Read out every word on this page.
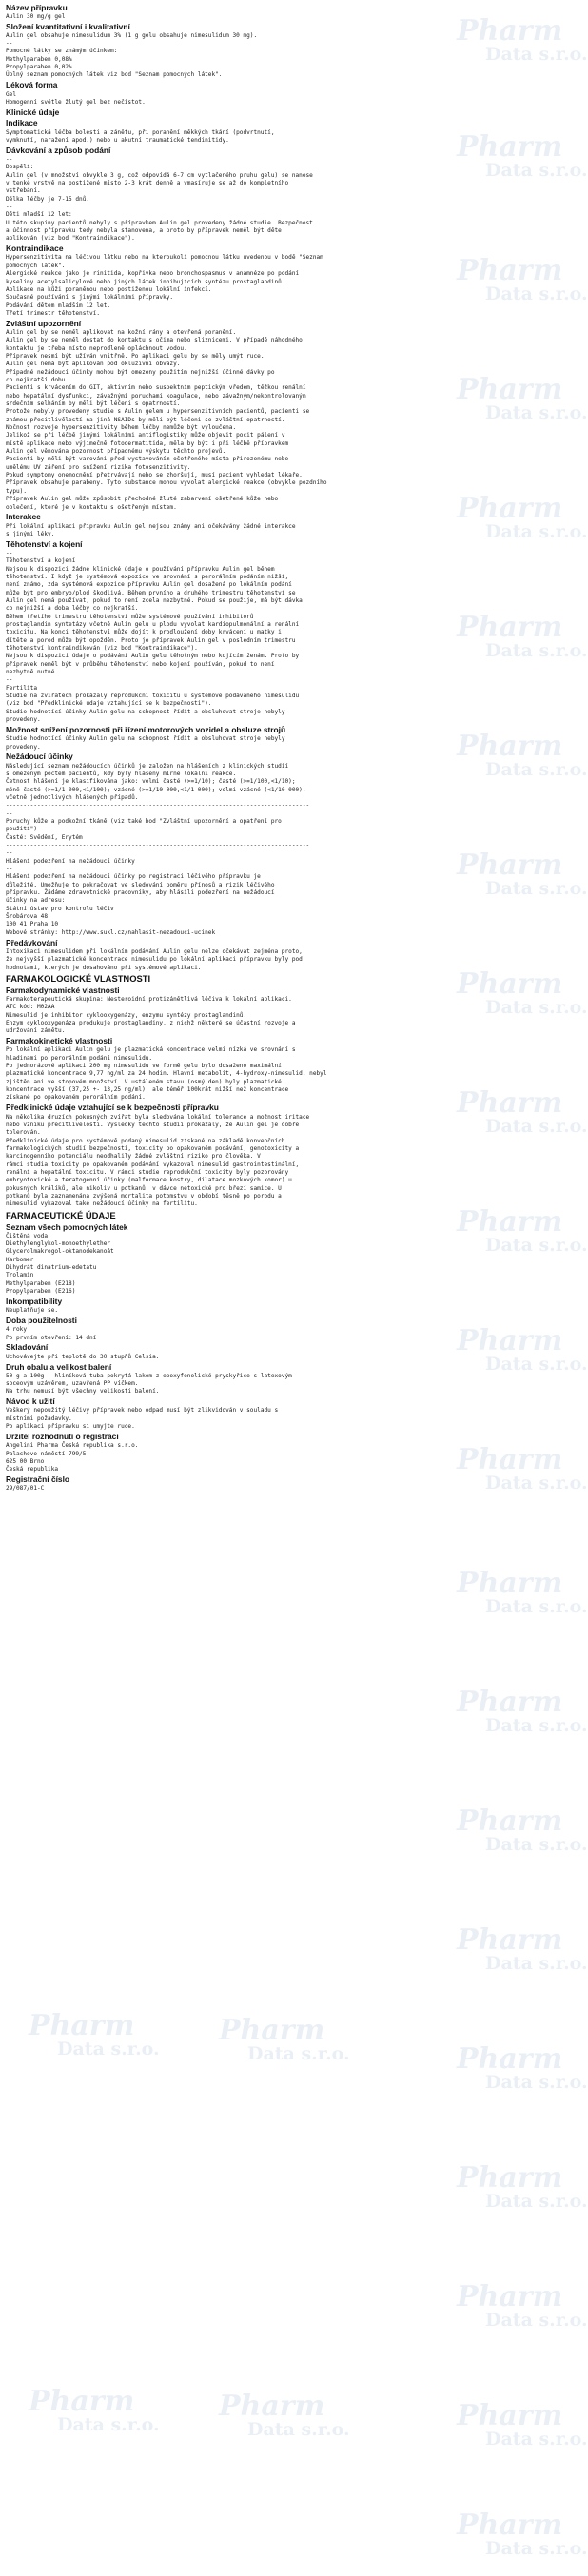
Název přípravku
Aulin 30 mg/g gel
Složení kvantitativní i kvalitativní
Aulin gel obsahuje nimesulidum 3% (1 g gelu obsahuje nimesulidum 30 mg).
--
Pomocné látky se známým účinkem:
Methylparaben 0,08%
Propylparaben 0,02%
Úplný seznam pomocných látek viz bod "Seznam pomocných látek".
Léková forma
Gel
Homogenní světle žlutý gel bez nečistot.
Klinické údaje
Indikace
Symptomatická léčba bolesti a zánětu, při poranění měkkých tkání (podvrtnutí,
vymknutí, naražení apod.) nebo u akutní traumatické tendinitidy.
Dávkování a způsob podání
--
Dospělí:
Aulin gel (v množství obvykle 3 g, což odpovídá 6-7 cm vytlačeného pruhu gelu) se nanese
v tenké vrstvě na postižené místo 2-3 krát denně a vmasíruje se až do kompletního
vstřebání.
Délka léčby je 7-15 dnů.
--
Děti mladší 12 let:
U této skupiny pacientů nebyly s přípravkem Aulin gel provedeny žádné studie. Bezpečnost
a účinnost přípravku tedy nebyla stanovena, a proto by přípravek neměl být děte
aplikován (viz bod "Kontraindikace").
Kontraindikace
Hypersenzitivita na léčivou látku nebo na kteroukoli pomocnou látku uvedenou v bodě "Seznam
pomocných látek".
Alergické reakce jako je rinitida, kopřivka nebo bronchospasmus v anamnéze po podání
kyseliny acetylsalicylové nebo jiných látek inhibujících syntézu prostaglandinů.
Aplikace na kůži poraněnou nebo postiženou lokální infekcí.
Současné používání s jinými lokálními přípravky.
Podávání dětem mladším 12 let.
Třetí trimestr těhotenství.
Zvláštní upozornění
Aulin gel by se neměl aplikovat na kožní rány a otevřená poranění.
Aulin gel by se neměl dostat do kontaktu s očima nebo sliznicemi. V případě náhodného
kontaktu je třeba místo neprodleně opláchnout vodou.
Přípravek nesmí být užíván vnitřně. Po aplikaci gelu by se měly umýt ruce.
Aulin gel nemá být aplikován pod okluzivní obvazy.
Případné nežádoucí účinky mohou být omezeny použitím nejnižší účinné dávky po
co nejkratší dobu.
Pacienti s krvácením do GIT, aktivním nebo suspektním peptickým vředem, těžkou renální
nebo hepatální dysfunkcí, závažnými poruchami koagulace, nebo závažným/nekontrolovaným
srdečním selháním by měli být léčeni s opatrností.
Protože nebyly provedeny studie s Aulin gelem u hypersenzitivních pacientů, pacienti se
známou přecitlivělostí na jiná NSAIDs by měli být léčeni se zvláštní opatrností.
Nočnost rozvoje hypersenzitivity během léčby nemůže být vyloučena.
Jelikož se při léčbě jinými lokálními antiflogistiky může objevit pocit pálení v
místě aplikace nebo výjimečně fotodermatitida, měla by být i při léčbě přípravkem
Aulin gel věnována pozornost případnému výskytu těchto projevů.
Pacienti by měli být varováni před vystavováním ošetřeného místa přirozenému nebo
umělému UV záření pro snížení rizika fotosenzitivity.
Pokud symptomy onemocnění přetrvávají nebo se zhoršují, musí pacient vyhledat lékaře.
Přípravek obsahuje parabeny. Tyto substance mohou vyvolat alergické reakce (obvykle pozdního
typu).
Přípravek Aulin gel může způsobit přechodné žluté zabarvení ošetřené kůže nebo
oblečení, které je v kontaktu s ošetřeným místem.
Interakce
Při lokální aplikaci přípravku Aulin gel nejsou známy ani očekávány žádné interakce
s jinými léky.
Těhotenství a kojení
--
Těhotenství a kojení
Nejsou k dispozici žádné klinické údaje o používání přípravku Aulin gel během
těhotenství. I když je systémová expozice ve srovnání s perorálním podáním nižší,
není známo, zda systémová expozice přípravku Aulin gel dosažená po lokálním podání
může být pro embryo/plod škodlivá. Během prvního a druhého trimestru těhotenství se
Aulin gel nemá používat, pokud to není zcela nezbytné. Pokud se použije, má být dávka
co nejnižší a doba léčby co nejkratší.
Během třetího trimestru těhotenství může systémové používání inhibitorů
prostaglandin syntetázy včetně Aulin gelu u plodu vyvolat kardiopulmonální a renální
toxicitu. Na konci těhotenství může dojít k prodloužení doby krvácení u matky i
dítěte a porod může být opožděn. Proto je přípravek Aulin gel v posledním trimestru
těhotenství kontraindikován (viz bod "Kontraindikace").
Nejsou k dispozici údaje o podávání Aulin gelu těhotným nebo kojícím ženám. Proto by
přípravek neměl být v průběhu těhotenství nebo kojení používán, pokud to není
nezbytně nutné.
--
Fertilita
Studie na zvířatech prokázaly reprodukční toxicitu u systémově podávaného nimesulidu
(viz bod "Předklinické údaje vztahující se k bezpečnosti").
Studie hodnotící účinky Aulin gelu na schopnost řídit a obsluhovat stroje nebyly
provedeny.
Možnost snížení pozornosti při řízení motorových vozidel a obsluze strojů
Studie hodnotící účinky Aulin gelu na schopnost řídit a obsluhovat stroje nebyly
provedeny.
Nežádoucí účinky
Následující seznam nežádoucích účinků je založen na hlášeních z klinických studií
s omezeným počtem pacientů, kdy byly hlášeny mírné lokální reakce.
Četnost hlášení je klasifikována jako: velmi časté (>=1/10); časté (>=1/100,<1/10);
méně časté (>=1/1 000,<1/100); vzácné (>=1/10 000,<1/1 000); velmi vzácné (<1/10 000),
včetně jednotlivých hlášených případů.
---------------------------------------------------------------------------------------
--
Poruchy kůže a podkožní tkáně (viz také bod "Zvláštní upozornění a opatření pro
použití")
Časté: Svědění, Erytém
---------------------------------------------------------------------------------------
--
Hlášení podezření na nežádoucí účinky
--
Hlášení podezření na nežádoucí účinky po registraci léčivého přípravku je
důležité. Umožňuje to pokračovat ve sledování poměru přínosů a rizik léčivého
přípravku. Žádáme zdravotnické pracovníky, aby hlásili podezření na nežádoucí
účinky na adresu:
Státní ústav pro kontrolu léčiv
Šrobárova 48
100 41 Praha 10
Webové stránky: http://www.sukl.cz/nahlasit-nezadouci-ucinek
Předávkování
Intoxikaci nimesulidem při lokálním podávání Aulin gelu nelze očekávat zejména proto,
že nejvyšší plazmatické koncentrace nimesulidu po lokální aplikaci přípravku byly pod
hodnotami, kterých je dosahováno při systémové aplikaci.
FARMAKOLOGICKÉ VLASTNOSTI
Farmakodynamické vlastnosti
Farmakoterapeutická skupina: Nesteroidní protizánětlivá léčiva k lokální aplikaci.
ATC kód: M02AA
Nimesulid je inhibitor cyklooxygenázy, enzymu syntézy prostaglandinů.
Enzym cyklooxygenáza produkuje prostaglandiny, z nichž některé se účastní rozvoje a
udržování zánětu.
Farmakokinetické vlastnosti
Po lokální aplikaci Aulin gelu je plazmatická koncentrace velmi nízká ve srovnání s
hladinami po perorálním podání nimesulidu.
Po jednorázové aplikaci 200 mg nimesulidu ve formě gelu bylo dosaženo maximální
plazmatické koncentrace 9,77 ng/ml za 24 hodin. Hlavní metabolit, 4-hydroxy-nimesulid, nebyl
zjištěn ani ve stopovém množství. V ustáleném stavu (osmý den) byly plazmatické
koncentrace vyšší (37,25 +- 13,25 ng/ml), ale téměř 100krát nižší než koncentrace
získané po opakovaném perorálním podání.
Předklinické údaje vztahující se k bezpečnosti přípravku
Na několika druzích pokusných zvířat byla sledována lokální tolerance a možnost iritace
nebo vzniku přecitlivělosti. Výsledky těchto studií prokázaly, že Aulin gel je dobře
tolerován.
Předklinické údaje pro systémově podaný nimesulid získané na základě konvenčních
farmakologických studií bezpečnosti, toxicity po opakovaném podávání, genotoxicity a
karcinogenního potenciálu neodhalily žádné zvláštní riziko pro člověka. V
rámci studia toxicity po opakovaném podávání vykazoval nimesulid gastrointestinální,
renální a hepatální toxicitu. V rámci studie reprodukční toxicity byly pozorovány
embryotoxické a teratogenní účinky (malformace kostry, dilatace mozkových komor) u
pokusných králíků, ale nikoliv u potkanů, v dávce netoxické pro březí samice. U
potkanů byla zaznamenána zvýšená mortalita potomstvu v období těsně po porodu a
nimesulid vykazoval také nežádoucí účinky na fertilitu.
FARMACEUTICKÉ ÚDAJE
Seznam všech pomocných látek
Čištěná voda
Diethylenglykol-monoethylether
Glycerolmakrogol-oktanodekanoát
Karbomer
Dihydrát dinatrium-edetátu
Trolamin
Methylparaben (E218)
Propylparaben (E216)
Inkompatibility
Neuplatňuje se.
Doba použitelnosti
4 roky
Po prvním otevření: 14 dní
Skladování
Uchovávejte při teplotě do 30 stupňů Celsia.
Druh obalu a velikost balení
50 g a 100g - hliníková tuba pokrytá lakem z epoxyfenolické pryskyřice s latexovým
soceovým uzávěrem, uzavřená PP víčkem.
Na trhu nemusí být všechny velikosti balení.
Návod k užití
Veškerý nepoužitý léčivý přípravek nebo odpad musí být zlikvidován v souladu s
místními požadavky.
Po aplikaci přípravku si umyjte ruce.
Držitel rozhodnutí o registraci
Angelini Pharma Česká republika s.r.o.
Palachovo náměstí 799/5
625 00 Brno
Česká republika
Registrační číslo
29/087/01-C
Pharm
Data s.r.o.
Pharm
Data s.r.o.
Pharm
Data s.r.o.
Pharm
Data s.r.o.
Pharm
Data s.r.o.
Pharm
Data s.r.o.
Pharm
Data s.r.o.
Pharm
Data s.r.o.
Pharm
Data s.r.o.
Pharm
Data s.r.o.
Pharm
Data s.r.o.
Pharm
Data s.r.o.
Pharm
Data s.r.o.
Pharm
Data s.r.o.
Pharm
Data s.r.o.
Pharm
Data s.r.o.
Pharm
Data s.r.o.
Pharm
Data s.r.o.
Pharm
Data s.r.o.
Pharm
Data s.r.o.
Pharm
Data s.r.o.
Pharm
Data s.r.o.
Pharm
Data s.r.o.
Pharm
Data s.r.o.
Pharm
Data s.r.o.
Pharm
Data s.r.o.
